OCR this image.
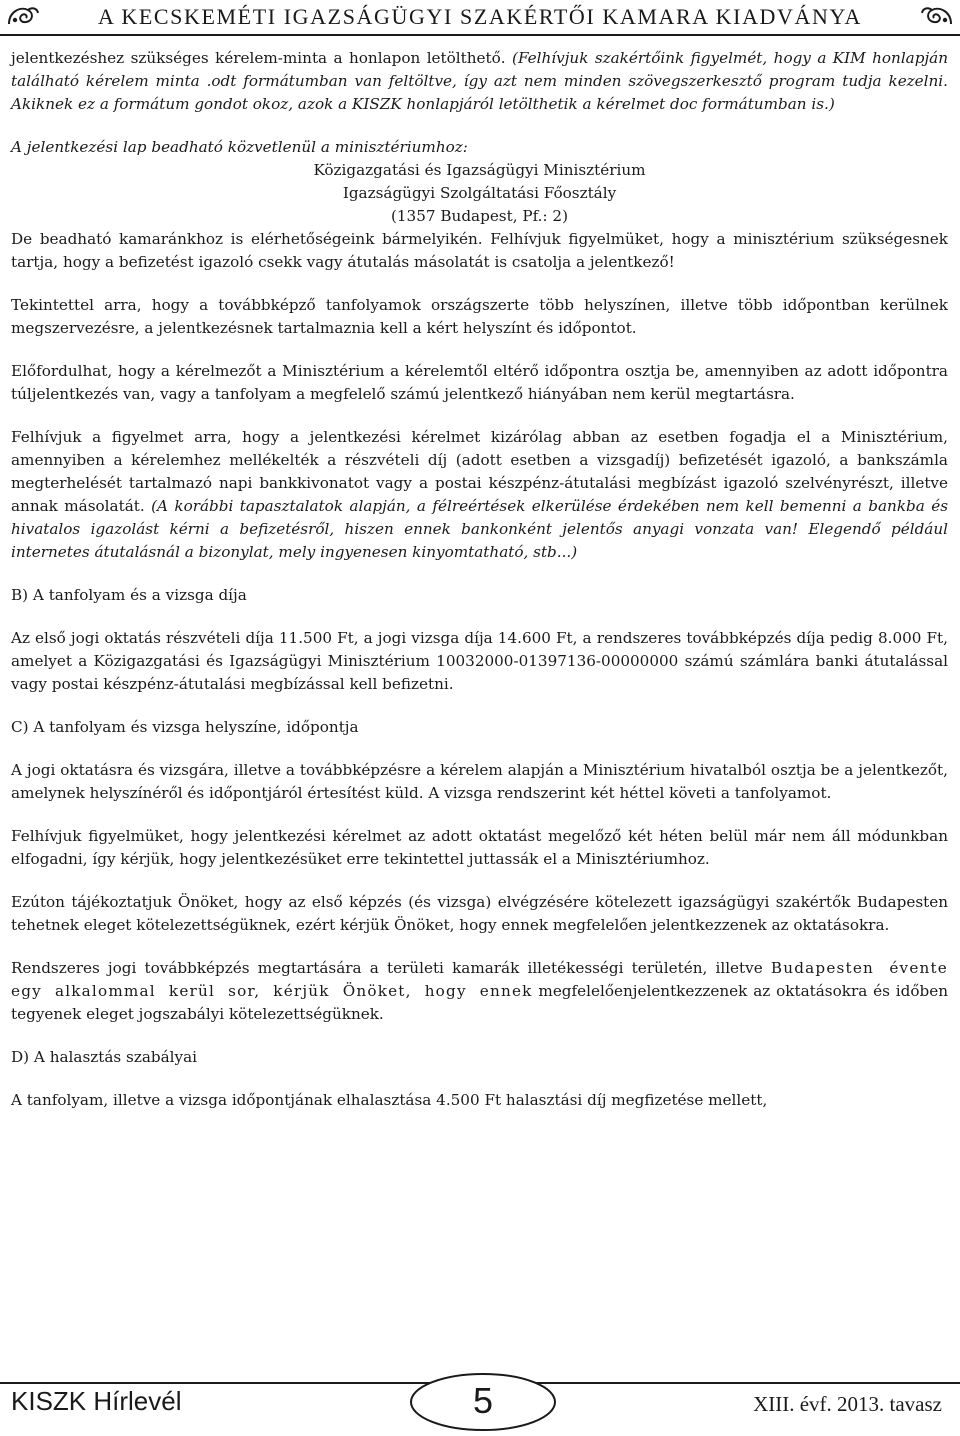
A KECSKEMÉTI IGAZSÁGÜGYI SZAKÉRTŐI KAMARA KIADVÁNYA

jelentkezéshez szükséges kérelem-minta a honlapon letölthető. (Felhívjuk szakértőink figyelmét, hogy a KIM honlapján található kérelem minta .odt formátumban van feltöltve, így azt nem minden szövegszerkesztő program tudja kezelni. Akiknek ez a formátum gondot okoz, azok a KISZK honlapjáról letölthetik a kérelmet doc formátumban is.)

A jelentkezési lap beadható közvetlenül a minisztériumhoz:

Közigazgatási és Igazságügyi Minisztérium

Igazságügyi Szolgáltatási Főosztály

(1357 Budapest, Pf.: 2)

De beadható kamaránkhoz is elérhetőségeink bármelyikén. Felhívjuk figyelmüket, hogy a minisztérium szükségesnek tartja, hogy a befizetést igazoló csekk vagy átutalás másolatát is csatolja a jelentkező!

Tekintettel arra, hogy a továbbképző tanfolyamok országszerte több helyszínen, illetve több időpontban kerülnek megszervezésre, a jelentkezésnek tartalmaznia kell a kért helyszínt és időpontot.

Előfordulhat, hogy a kérelmezőt a Minisztérium a kérelemtől eltérő időpontra osztja be, amennyiben az adott időpontra túljelentkezés van, vagy a tanfolyam a megfelelő számú jelentkező hiányában nem kerül megtartásra.

Felhívjuk a figyelmet arra, hogy a jelentkezési kérelmet kizárólag abban az esetben fogadja el a Minisztérium, amennyiben a kérelemhez mellékelték a részvételi díj (adott esetben a vizsgadíj) befizetését igazoló, a bankszámla megterhelését tartalmazó napi bankkivonatot vagy a postai készpénz-átutalási megbízást igazoló szelvényrészt, illetve annak másolatát. (A korábbi tapasztalatok alapján, a félreértések elkerülése érdekében nem kell bemenni a bankba és hivatalos igazolást kérni a befizetésről, hiszen ennek bankonként jelentős anyagi vonzata van! Elegendő például internetes átutalásnál a bizonylat, mely ingyenesen kinyomtatható, stb...)

B) A tanfolyam és a vizsga díja

Az első jogi oktatás részvételi díja 11.500 Ft, a jogi vizsga díja 14.600 Ft, a rendszeres továbbképzés díja pedig 8.000 Ft, amelyet a Közigazgatási és Igazságügyi Minisztérium 10032000-01397136-00000000 számú számlára banki átutalással vagy postai készpénz-átutalási megbízással kell befizetni.

C) A tanfolyam és vizsga helyszíne, időpontja

A jogi oktatásra és vizsgára, illetve a továbbképzésre a kérelem alapján a Minisztérium hivatalból osztja be a jelentkezőt, amelynek helyszínéről és időpontjáról értesítést küld. A vizsga rendszerint két héttel követi a tanfolyamot.

Felhívjuk figyelmüket, hogy jelentkezési kérelmet az adott oktatást megelőző két héten belül már nem áll módunkban elfogadni, így kérjük, hogy jelentkezésüket erre tekintettel juttassák el a Minisztériumhoz.

Ezúton tájékoztatjuk Önöket, hogy az első képzés (és vizsga) elvégzésére kötelezett igazságügyi szakértők Budapesten tehetnek eleget kötelezettségüknek, ezért kérjük Önöket, hogy ennek megfelelően jelentkezzenek az oktatásokra.

Rendszeres jogi továbbképzés megtartására a területi kamarák illetékességi területén, illetve Budapesten évente egy alkalommal kerül sor, kérjük Önöket, hogy ennek megfelelőenjelentkezzenek az oktatásokra és időben tegyenek eleget jogszabályi kötelezettségüknek.

D) A halasztás szabályai

A tanfolyam, illetve a vizsga időpontjának elhalasztása 4.500 Ft halasztási díj megfizetése mellett,

KISZK Hírlevél	5	XIII. évf. 2013. tavasz
